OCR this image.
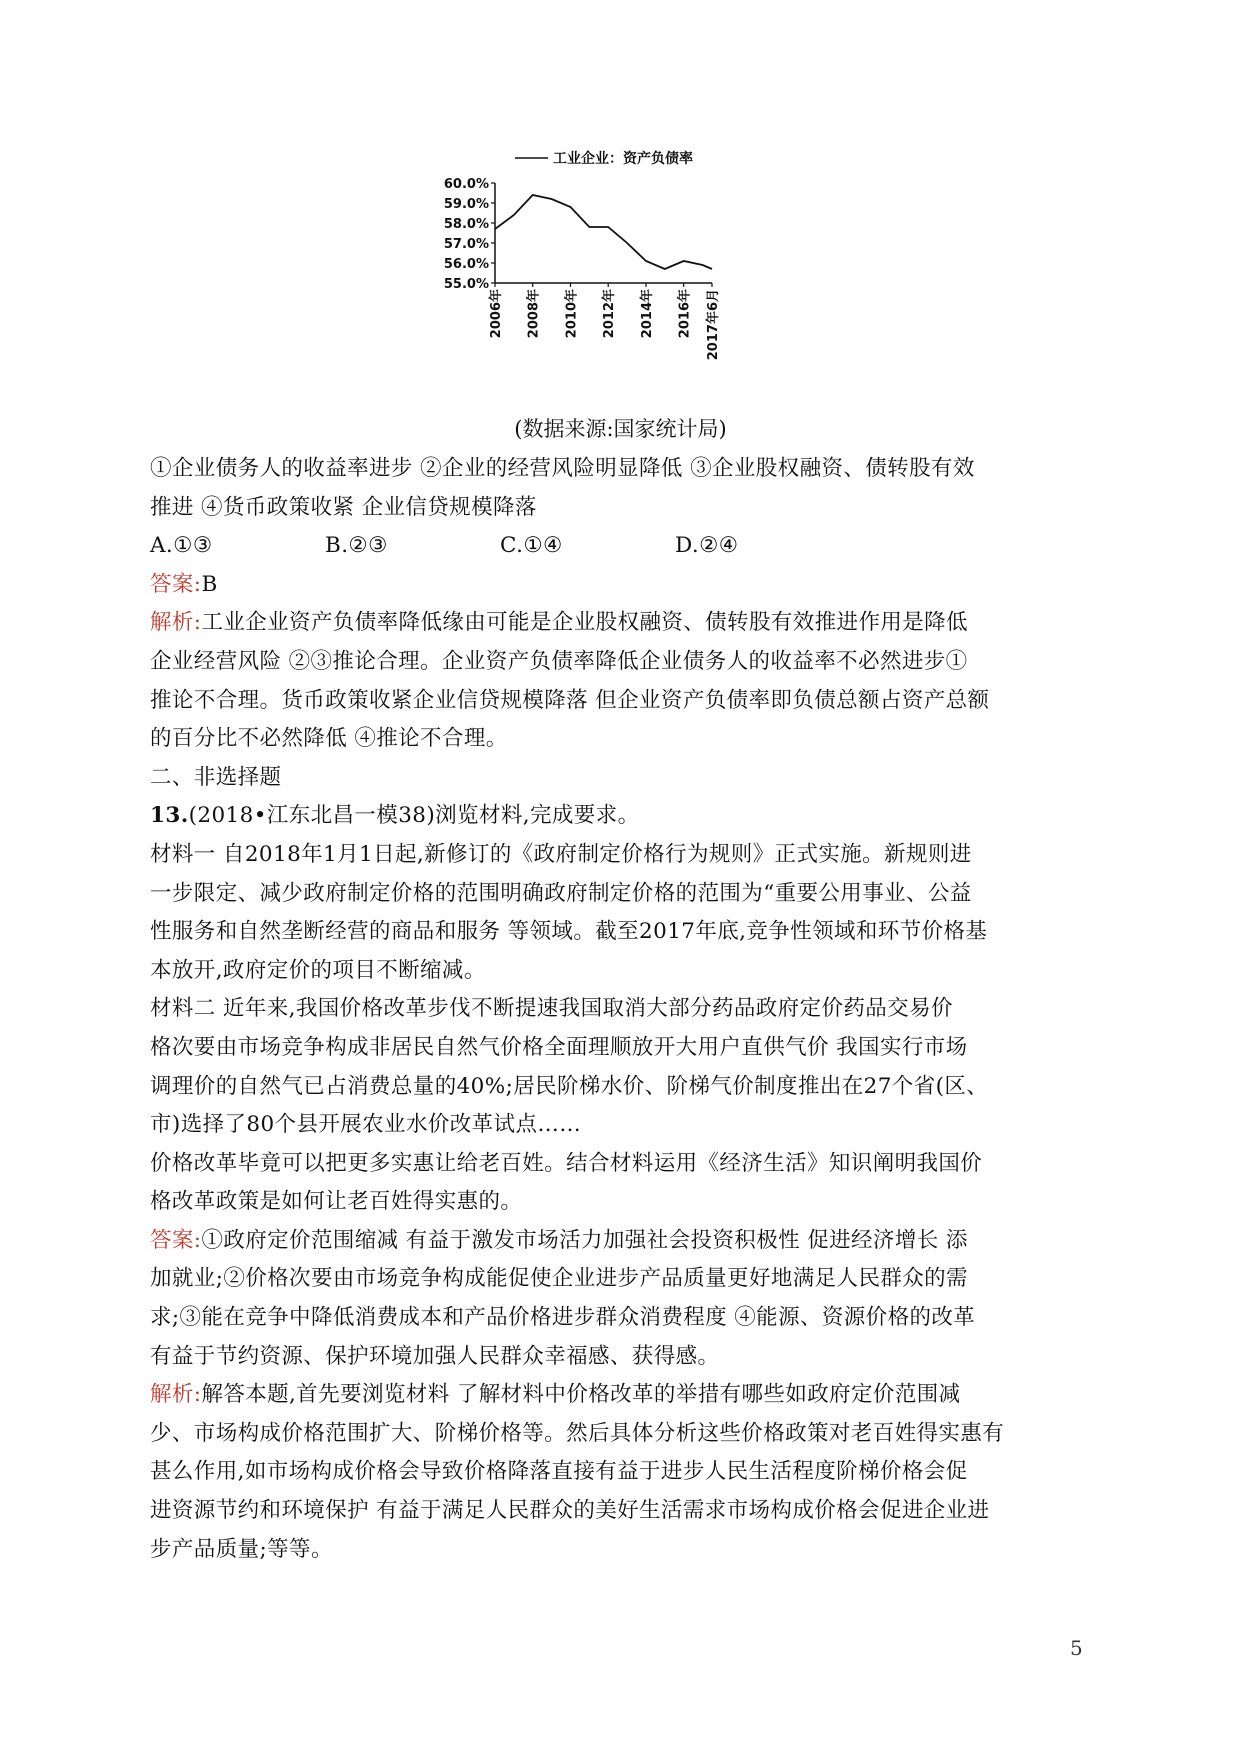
工业企业：资产负债率
60.0%
59.0%
58.0%
57.0%
56.0%
55.0%
2006年 2008年 2010年 2012年 2014年 2016年 2017年6月
(数据来源:国家统计局)
①企业债务人的收益率进步 ②企业的经营风险明显降低 ③企业股权融资、债转股有效
推进 ④货币政策收紧 企业信贷规模降落
A.①③	B.②③	C.①④	D.②④
答案:B
解析:工业企业资产负债率降低缘由可能是企业股权融资、债转股有效推进作用是降低
企业经营风险 ②③推论合理。企业资产负债率降低企业债务人的收益率不必然进步①
推论不合理。货币政策收紧企业信贷规模降落 但企业资产负债率即负债总额占资产总额
的百分比不必然降低 ④推论不合理。
二、非选择题
13.(2018•江东北昌一模38)浏览材料,完成要求。
材料一 自2018年1月1日起,新修订的《政府制定价格行为规则》正式实施。新规则进
一步限定、减少政府制定价格的范围明确政府制定价格的范围为“重要公用事业、公益
性服务和自然垄断经营的商品和服务 等领域。截至2017年底,竞争性领域和环节价格基
本放开,政府定价的项目不断缩减。
材料二 近年来,我国价格改革步伐不断提速我国取消大部分药品政府定价药品交易价
格次要由市场竞争构成非居民自然气价格全面理顺放开大用户直供气价 我国实行市场
调理价的自然气已占消费总量的40%;居民阶梯水价、阶梯气价制度推出在27个省(区、
市)选择了80个县开展农业水价改革试点……
价格改革毕竟可以把更多实惠让给老百姓。结合材料运用《经济生活》知识阐明我国价
格改革政策是如何让老百姓得实惠的。
答案:①政府定价范围缩减 有益于激发市场活力加强社会投资积极性 促进经济增长 添
加就业;②价格次要由市场竞争构成能促使企业进步产品质量更好地满足人民群众的需
求;③能在竞争中降低消费成本和产品价格进步群众消费程度 ④能源、资源价格的改革
有益于节约资源、保护环境加强人民群众幸福感、获得感。
解析:解答本题,首先要浏览材料 了解材料中价格改革的举措有哪些如政府定价范围减
少、市场构成价格范围扩大、阶梯价格等。然后具体分析这些价格政策对老百姓得实惠有
甚么作用,如市场构成价格会导致价格降落直接有益于进步人民生活程度阶梯价格会促
进资源节约和环境保护 有益于满足人民群众的美好生活需求市场构成价格会促进企业进
步产品质量;等等。
5
